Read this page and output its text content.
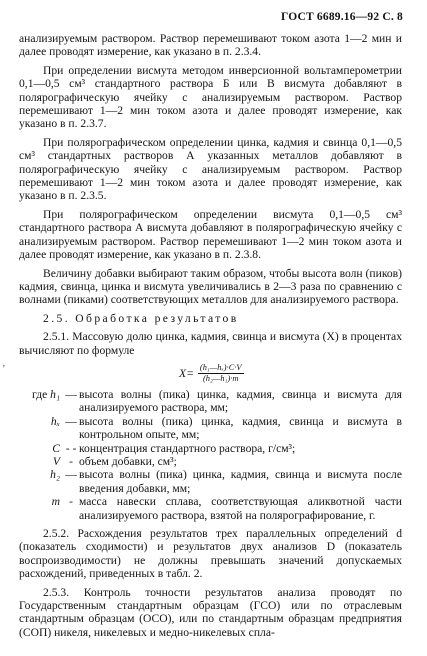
ГОСТ 6689.16—92 С. 8
'

анализируемым раствором. Раствор перемешивают током азота 1—2 мин и далее проводят измерение, как указано в п. 2.3.4.

При определении висмута методом инверсионной вольтамперометрии 0,1—0,5 см³ стандартного раствора Б или В висмута добавляют в полярографическую ячейку с анализируемым раствором. Раствор перемешивают 1—2 мин током азота и далее проводят измерение, как указано в п. 2.3.7.

При полярографическом определении цинка, кадмия и свинца 0,1—0,5 см³ стандартных растворов А указанных металлов добавляют в полярографическую ячейку с анализируемым раствором. Раствор перемешивают 1—2 мин током азота и далее проводят измерение, как указано в п. 2.3.5.

При полярографическом определении висмута 0,1—0,5 см³ стандартного раствора А висмута добавляют в полярографическую ячейку с анализируемым раствором. Раствор перемешивают 1—2 мин током азота и далее проводят измерение, как указано в п. 2.3.8.

Величину добавки выбирают таким образом, чтобы высота волн (пиков) кадмия, свинца, цинка и висмута увеличивались в 2—3 раза по сравнению с волнами (пиками) соответствующих металлов для анализируемого раствора.

2.5. Обработка результатов

2.5.1. Массовую долю цинка, кадмия, свинца и висмута (X) в процентах вычисляют по формуле

$X= \frac{\text{(h₁—hₓ)·C·V}}{\text{(h₂—h₁)·m}}$
где h₁ — высота волны (пика) цинка, кадмия, свинца и висмута для анализируемого раствора, мм;
hₓ — высота волны (пика) цинка, кадмия, свинца и висмута в контрольном опыте, мм;
C - - концентрация стандартного раствора, г/см³;
V - объем добавки, см³;
h₂ — высота волны (пика) цинка, кадмия, свинца и висмута после введения добавки, мм;
m - масса навески сплава, соответствующая аликвотной части анализируемого раствора, взятой на полярографирование, г.

2.5.2. Расхождения результатов трех параллельных определений d (показатель сходимости) и результатов двух анализов D (показатель воспроизводимости) не должны превышать значений допускаемых расхождений, приведенных в табл. 2.

2.5.3. Контроль точности результатов анализа проводят по Государственным стандартным образцам (ГСО) или по отраслевым стандартным образцам (ОСО), или по стандартным образцам предприятия (СОП) никеля, никелевых и медно-никелевых спла-
